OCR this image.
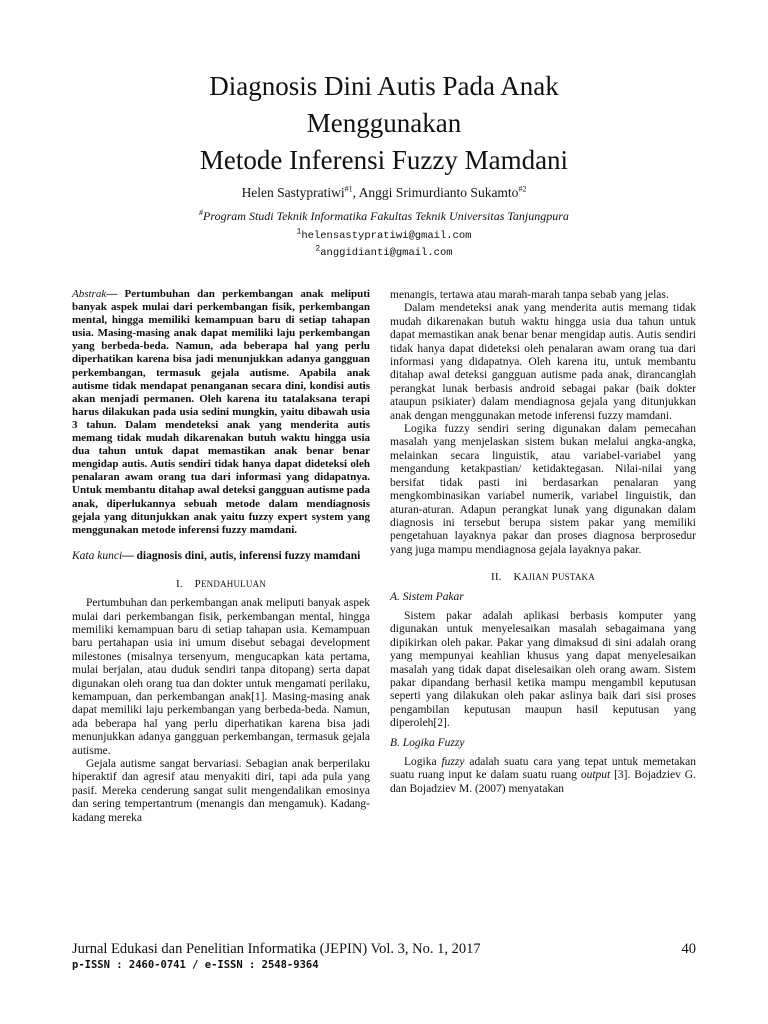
Diagnosis Dini Autis Pada Anak
Menggunakan
Metode Inferensi Fuzzy Mamdani
Helen Sastypratiwi$^{\#1}$, Anggi Srimurdianto Sukamto$^{\#2}$
#Program Studi Teknik Informatika Fakultas Teknik Universitas Tanjungpura
$^1$helensastypratiwi@gmail.com
$^2$anggidianti@gmail.com
Abstrak— Pertumbuhan dan perkembangan anak meliputi banyak aspek mulai dari perkembangan fisik, perkembangan mental, hingga memiliki kemampuan baru di setiap tahapan usia. Masing-masing anak dapat memiliki laju perkembangan yang berbeda-beda. Namun, ada beberapa hal yang perlu diperhatikan karena bisa jadi menunjukkan adanya gangguan perkembangan, termasuk gejala autisme. Apabila anak autisme tidak mendapat penanganan secara dini, kondisi autis akan menjadi permanen. Oleh karena itu tatalaksana terapi harus dilakukan pada usia sedini mungkin, yaitu dibawah usia 3 tahun. Dalam mendeteksi anak yang menderita autis memang tidak mudah dikarenakan butuh waktu hingga usia dua tahun untuk dapat memastikan anak benar benar mengidap autis. Autis sendiri tidak hanya dapat dideteksi oleh penalaran awam orang tua dari informasi yang didapatnya. Untuk membantu ditahap awal deteksi gangguan autisme pada anak, diperlukannya sebuah metode dalam mendiagnosis gejala yang ditunjukkan anak yaitu fuzzy expert system yang menggunakan metode inferensi fuzzy mamdani.
Kata kunci— diagnosis dini, autis, inferensi fuzzy mamdani
I. PENDAHULUAN

Pertumbuhan dan perkembangan anak meliputi banyak aspek mulai dari perkembangan fisik, perkembangan mental, hingga memiliki kemampuan baru di setiap tahapan usia. Kemampuan baru pertahapan usia ini umum disebut sebagai development milestones (misalnya tersenyum, mengucapkan kata pertama, mulai berjalan, atau duduk sendiri tanpa ditopang) serta dapat digunakan oleh orang tua dan dokter untuk mengamati perilaku, kemampuan, dan perkembangan anak[1]. Masing-masing anak dapat memiliki laju perkembangan yang berbeda-beda. Namun, ada beberapa hal yang perlu diperhatikan karena bisa jadi menunjukkan adanya gangguan perkembangan, termasuk gejala autisme.

Gejala autisme sangat bervariasi. Sebagian anak berperilaku hiperaktif dan agresif atau menyakiti diri, tapi ada pula yang pasif. Mereka cenderung sangat sulit mengendalikan emosinya dan sering tempertantrum (menangis dan mengamuk). Kadang-kadang mereka

menangis, tertawa atau marah-marah tanpa sebab yang jelas.

Dalam mendeteksi anak yang menderita autis memang tidak mudah dikarenakan butuh waktu hingga usia dua tahun untuk dapat memastikan anak benar benar mengidap autis. Autis sendiri tidak hanya dapat dideteksi oleh penalaran awam orang tua dari informasi yang didapatnya. Oleh karena itu, untuk membantu ditahap awal deteksi gangguan autisme pada anak, dirancanglah perangkat lunak berbasis android sebagai pakar (baik dokter ataupun psikiater) dalam mendiagnosa gejala yang ditunjukkan anak dengan menggunakan metode inferensi fuzzy mamdani.

Logika fuzzy sendiri sering digunakan dalam pemecahan masalah yang menjelaskan sistem bukan melalui angka-angka, melainkan secara linguistik, atau variabel-variabel yang mengandung ketakpastian/ ketidaktegasan. Nilai-nilai yang bersifat tidak pasti ini berdasarkan penalaran yang mengkombinasikan variabel numerik, variabel linguistik, dan aturan-aturan. Adapun perangkat lunak yang digunakan dalam diagnosis ini tersebut berupa sistem pakar yang memiliki pengetahuan layaknya pakar dan proses diagnosa berprosedur yang juga mampu mendiagnosa gejala layaknya pakar.

II. KAJIAN PUSTAKA
A. Sistem Pakar

Sistem pakar adalah aplikasi berbasis komputer yang digunakan untuk menyelesaikan masalah sebagaimana yang dipikirkan oleh pakar. Pakar yang dimaksud di sini adalah orang yang mempunyai keahlian khusus yang dapat menyelesaikan masalah yang tidak dapat diselesaikan oleh orang awam. Sistem pakar dipandang berhasil ketika mampu mengambil keputusan seperti yang dilakukan oleh pakar aslinya baik dari sisi proses pengambilan keputusan maupun hasil keputusan yang diperoleh[2].

B. Logika Fuzzy

Logika fuzzy adalah suatu cara yang tepat untuk memetakan suatu ruang input ke dalam suatu ruang output [3]. Bojadziev G. dan Bojadziev M. (2007) menyatakan

Jurnal Edukasi dan Penelitian Informatika (JEPIN) Vol. 3, No. 1, 2017	40
p-ISSN : 2460-0741 / e-ISSN : 2548-9364
